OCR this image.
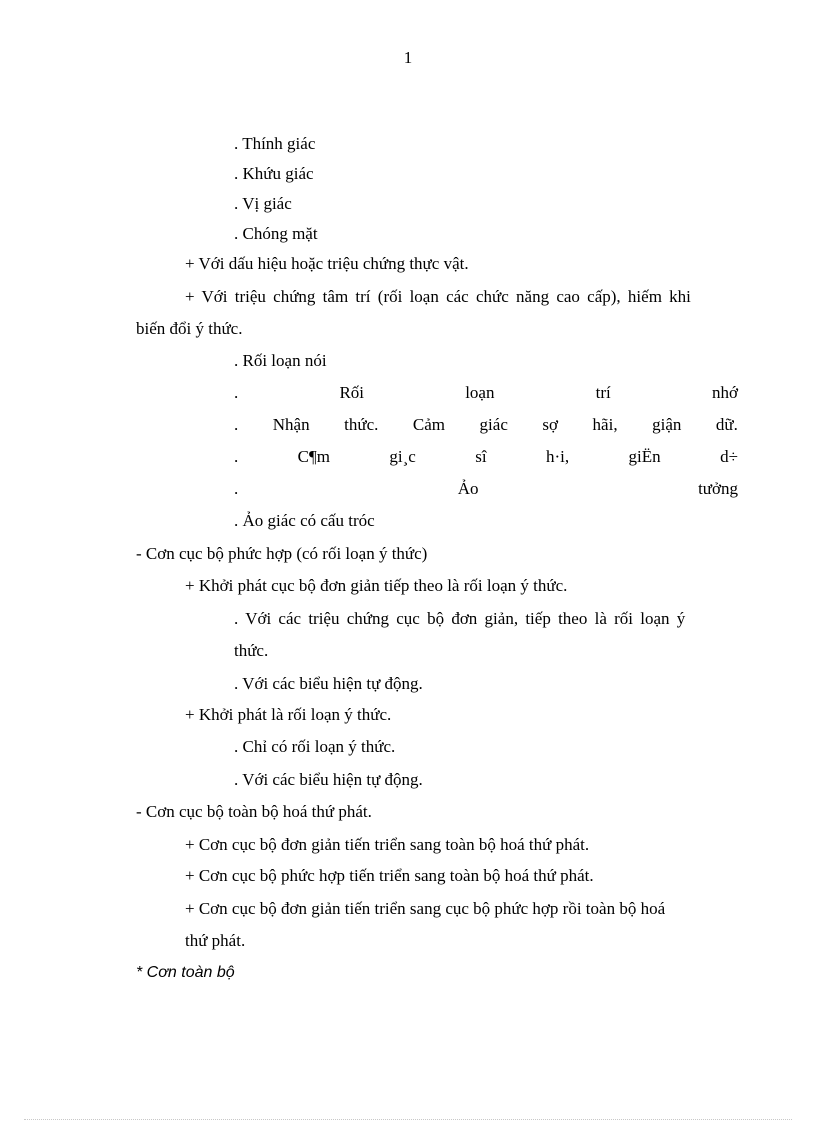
1
. Thính giác
. Khứu giác
. Vị giác
. Chóng mặt
+ Với dấu hiệu hoặc triệu chứng thực vật.
+ Với triệu chứng tâm trí (rối loạn các chức năng cao cấp), hiếm khi
biến đổi ý thức.
. Rối loạn nói
.	Rối	loạn	trí	nhớ
. Nhận thức. Cảm giác sợ hãi, giận dữ.
.	C¶m	gi¸c	sî	h·i,	giËn	d÷
.	Ảo	tưởng
. Ảo giác có cấu tróc
- Cơn cục bộ phức hợp (có rối loạn ý thức)
+ Khởi phát cục bộ đơn giản tiếp theo là rối loạn ý thức.
. Với các triệu chứng cục bộ đơn giản, tiếp theo là rối loạn ý
thức.
. Với các biểu hiện tự động.
+ Khởi phát là rối loạn ý thức.
. Chỉ có rối loạn ý thức.
. Với các biểu hiện tự động.
- Cơn cục bộ toàn bộ hoá thứ phát.
+ Cơn cục bộ đơn giản tiến triển sang toàn bộ hoá thứ phát.
+ Cơn cục bộ phức hợp tiến triển sang toàn bộ hoá thứ phát.
+ Cơn cục bộ đơn giản tiến triển sang cục bộ phức hợp rồi toàn bộ hoá
thứ phát.
* Cơn toàn bộ
